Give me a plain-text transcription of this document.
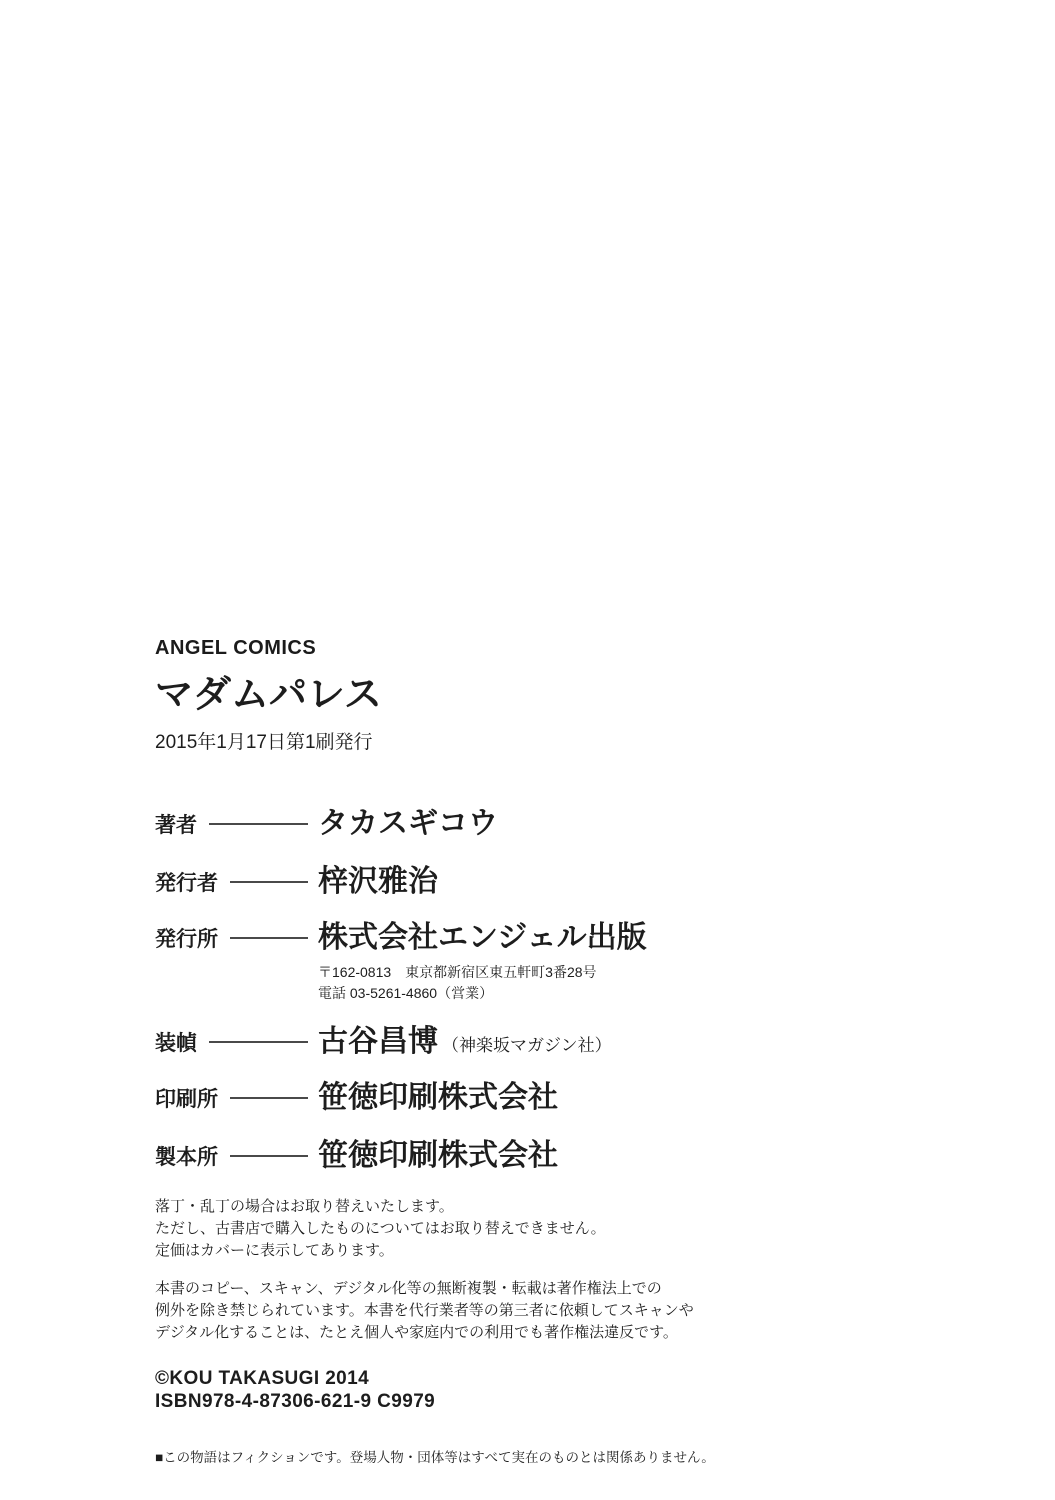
ANGEL COMICS
マダムパレス
2015年1月17日第1刷発行
著者	タカスギコウ
発行者	梓沢雅治
発行所	株式会社エンジェル出版
〒162-0813　東京都新宿区東五軒町3番28号
電話 03-5261-4860（営業）
装幀	古谷昌博 （神楽坂マガジン社）
印刷所	笹徳印刷株式会社
製本所	笹徳印刷株式会社
落丁・乱丁の場合はお取り替えいたします。
ただし、古書店で購入したものについてはお取り替えできません。
定価はカバーに表示してあります。
本書のコピー、スキャン、デジタル化等の無断複製・転載は著作権法上での
例外を除き禁じられています。本書を代行業者等の第三者に依頼してスキャンや
デジタル化することは、たとえ個人や家庭内での利用でも著作権法違反です。
©KOU TAKASUGI 2014
ISBN978-4-87306-621-9 C9979
■この物語はフィクションです。登場人物・団体等はすべて実在のものとは関係ありません。
